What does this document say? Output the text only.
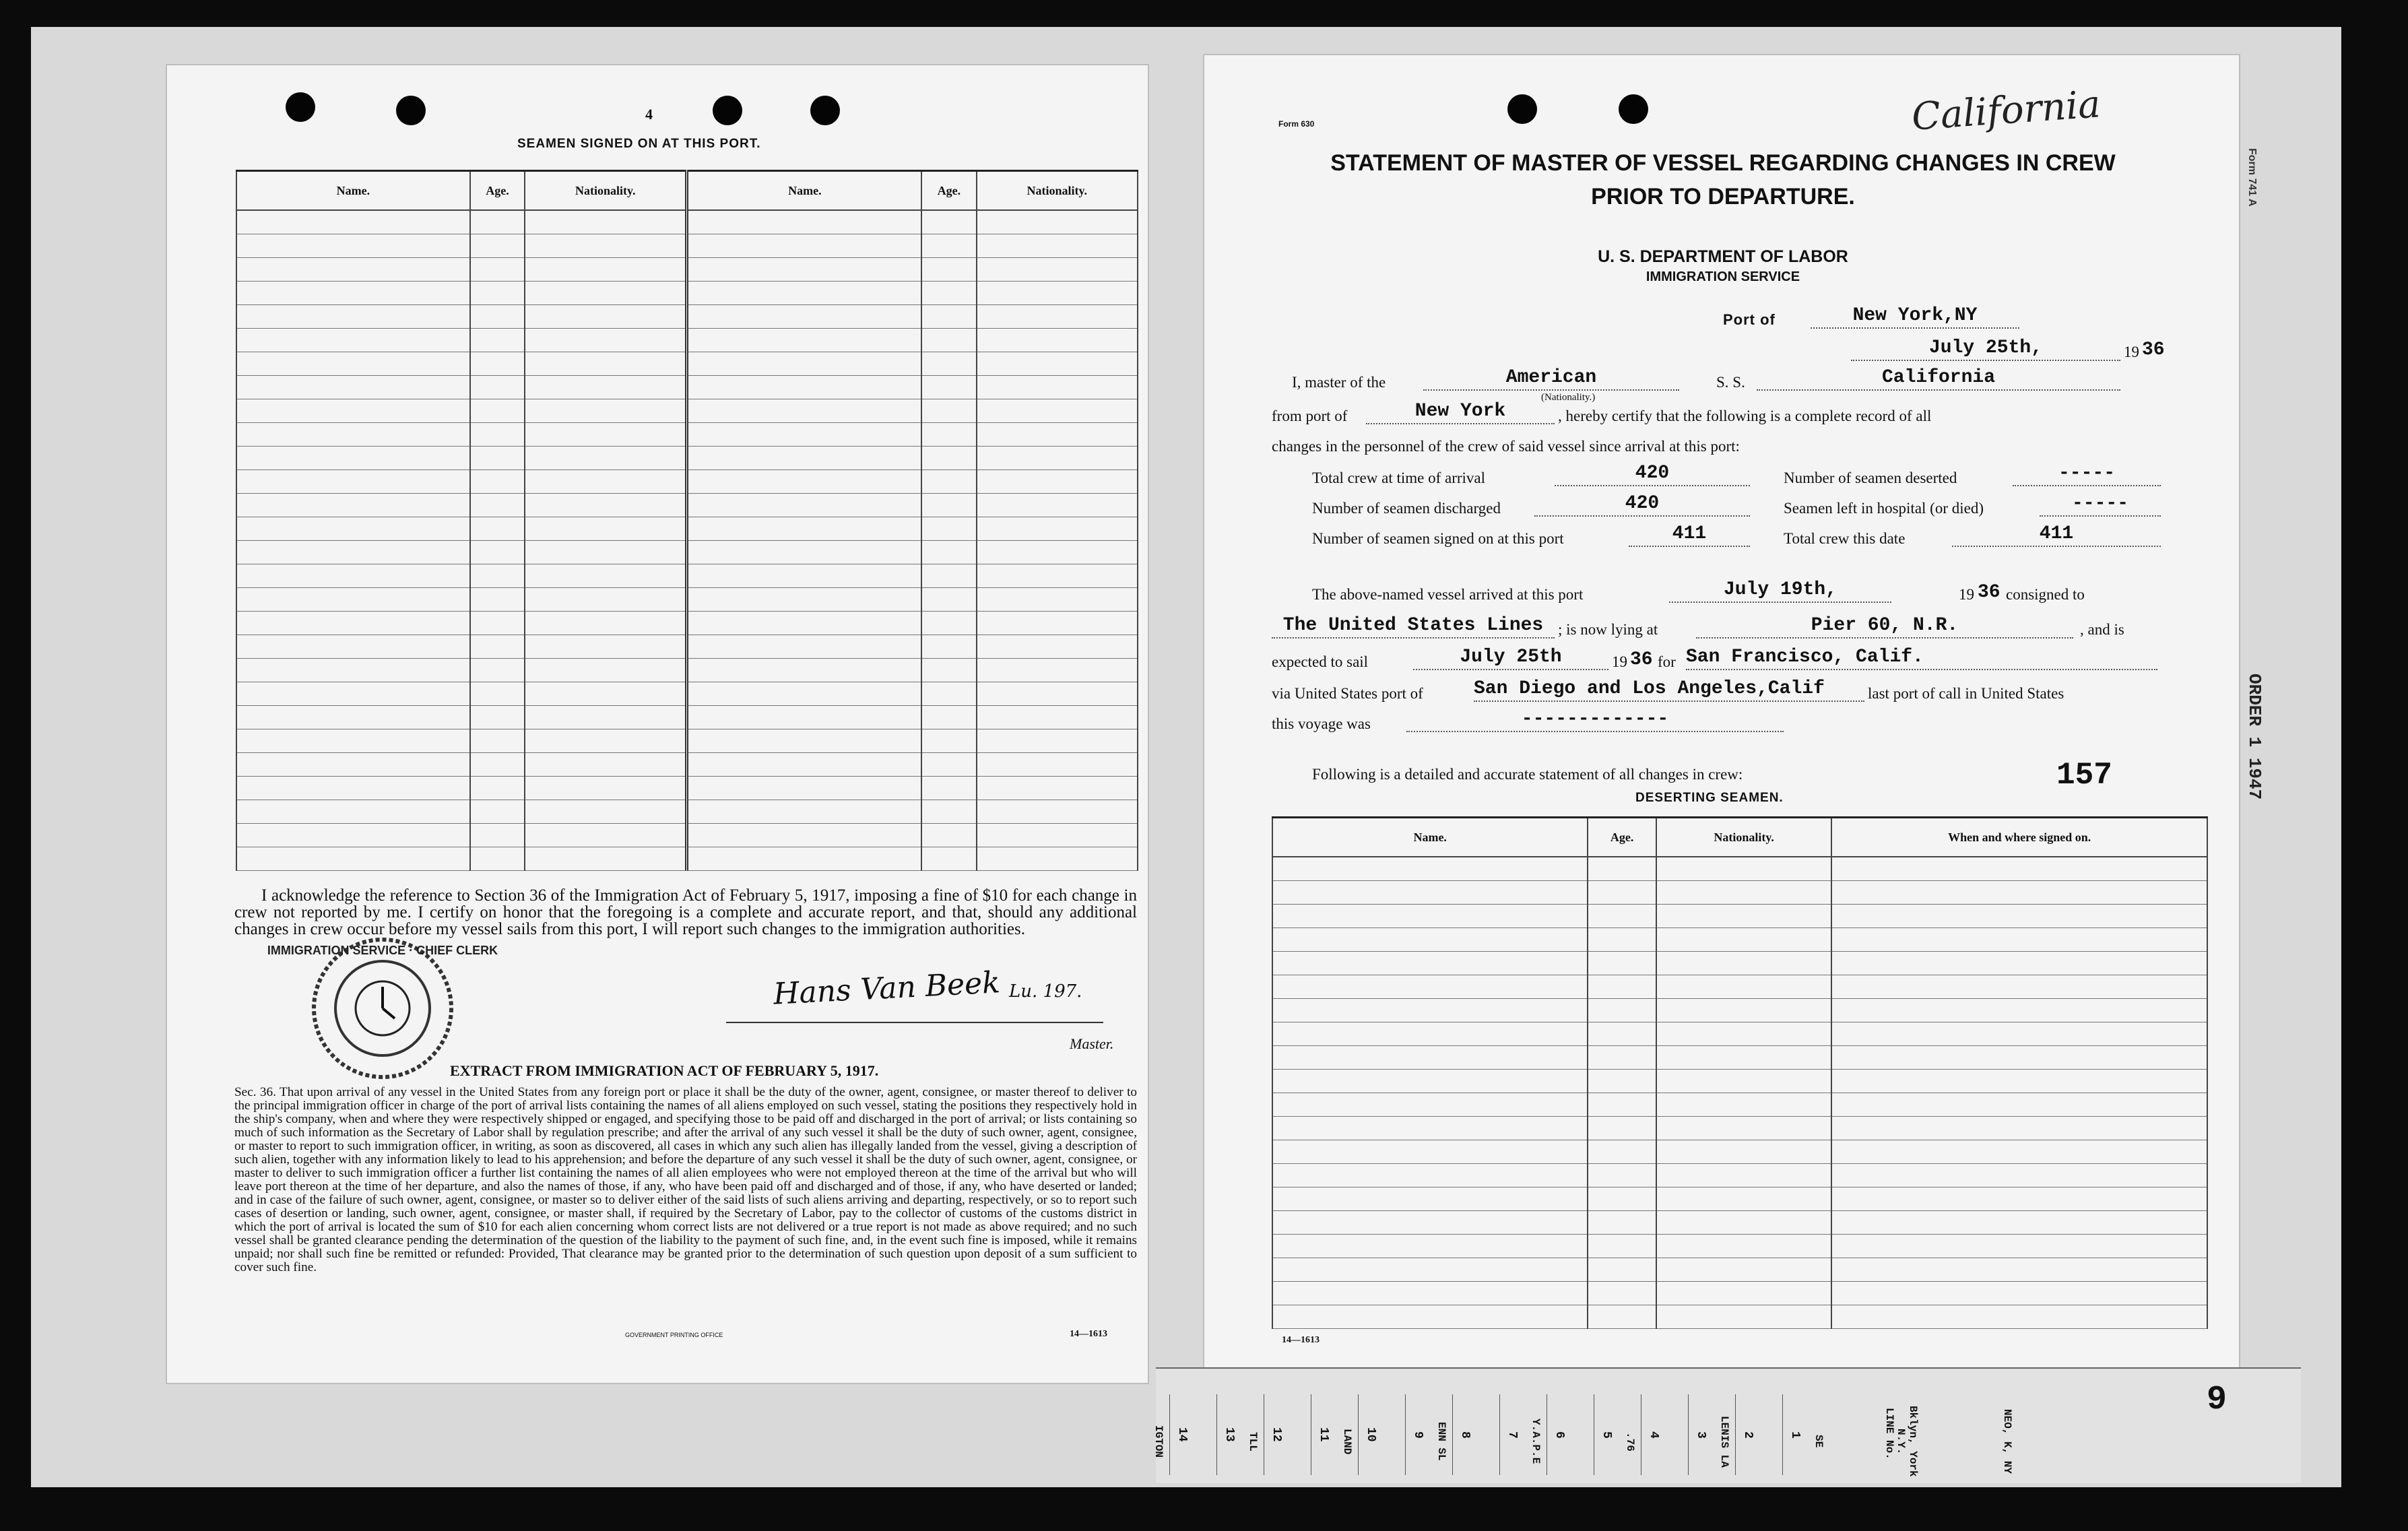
4
SEAMEN SIGNED ON AT THIS PORT.
Name.	Age.	Nationality.	Name.	Age.	Nationality.

I acknowledge the reference to Section 36 of the Immigration Act of February 5, 1917, imposing a fine of $10 for each change in crew not reported by me. I certify on honor that the foregoing is a complete and accurate report, and that, should any additional changes in crew occur before my vessel sails from this port, I will report such changes to the immigration authorities.
Hans Van Beek Lu. 197.
Master.
IMMIGRATION SERVICE · CHIEF CLERK
EXTRACT FROM IMMIGRATION ACT OF FEBRUARY 5, 1917.
Sec. 36. That upon arrival of any vessel in the United States from any foreign port or place it shall be the duty of the owner, agent, consignee, or master thereof to deliver to the principal immigration officer in charge of the port of arrival lists containing the names of all aliens employed on such vessel, stating the positions they respectively hold in the ship's company, when and where they were respectively shipped or engaged, and specifying those to be paid off and discharged in the port of arrival; or lists containing so much of such information as the Secretary of Labor shall by regulation prescribe; and after the arrival of any such vessel it shall be the duty of such owner, agent, consignee, or master to report to such immigration officer, in writing, as soon as discovered, all cases in which any such alien has illegally landed from the vessel, giving a description of such alien, together with any information likely to lead to his apprehension; and before the departure of any such vessel it shall be the duty of such owner, agent, consignee, or master to deliver to such immigration officer a further list containing the names of all alien employees who were not employed thereon at the time of the arrival but who will leave port thereon at the time of her departure, and also the names of those, if any, who have been paid off and discharged and of those, if any, who have deserted or landed; and in case of the failure of such owner, agent, consignee, or master so to deliver either of the said lists of such aliens arriving and departing, respectively, or so to report such cases of desertion or landing, such owner, agent, consignee, or master shall, if required by the Secretary of Labor, pay to the collector of customs of the customs district in which the port of arrival is located the sum of $10 for each alien concerning whom correct lists are not delivered or a true report is not made as above required; and no such vessel shall be granted clearance pending the determination of the question of the liability to the payment of such fine, and, in the event such fine is imposed, while it remains unpaid; nor shall such fine be remitted or refunded: Provided, That clearance may be granted prior to the determination of such question upon deposit of a sum sufficient to cover such fine.
GOVERNMENT PRINTING OFFICE	14—1613
Form 630	California
STATEMENT OF MASTER OF VESSEL REGARDING CHANGES IN CREW
PRIOR TO DEPARTURE.
U. S. DEPARTMENT OF LABOR
IMMIGRATION SERVICE
Port of	New York,NY
July 25th,	19 36
I, master of the	American
(Nationality.)
S. S.	California
from port of	New York	, hereby certify that the following is a complete record of all
changes in the personnel of the crew of said vessel since arrival at this port:
Total crew at time of arrival	420	Number of seamen deserted	-----
Number of seamen discharged	420	Seamen left in hospital (or died)	-----
Number of seamen signed on at this port	411	Total crew this date	411
The above-named vessel arrived at this port	July 19th,	19 36 consigned to
The United States Lines ; is now lying at	Pier 60, N.R.	, and is
expected to sail	July 25th	19 36 for San Francisco, Calif.
via United States port of	San Diego and Los Angeles,Calif	last port of call in United States
this voyage was	-------------
Following is a detailed and accurate statement of all changes in crew:	157
DESERTING SEAMEN.
Name.	Age.	Nationality.	When and where signed on.

14—1613
Form 741 A
ORDER 1 1947
14	13	12	11	10	9	8	7	6	5	4	3	2	1
IGTON	TLL	LAND	ENN SL	Y.A.P.E	.76	LENIS LA	SE	Bklyn, York N.Y.	NEO, K, NY
LINE No.
9
